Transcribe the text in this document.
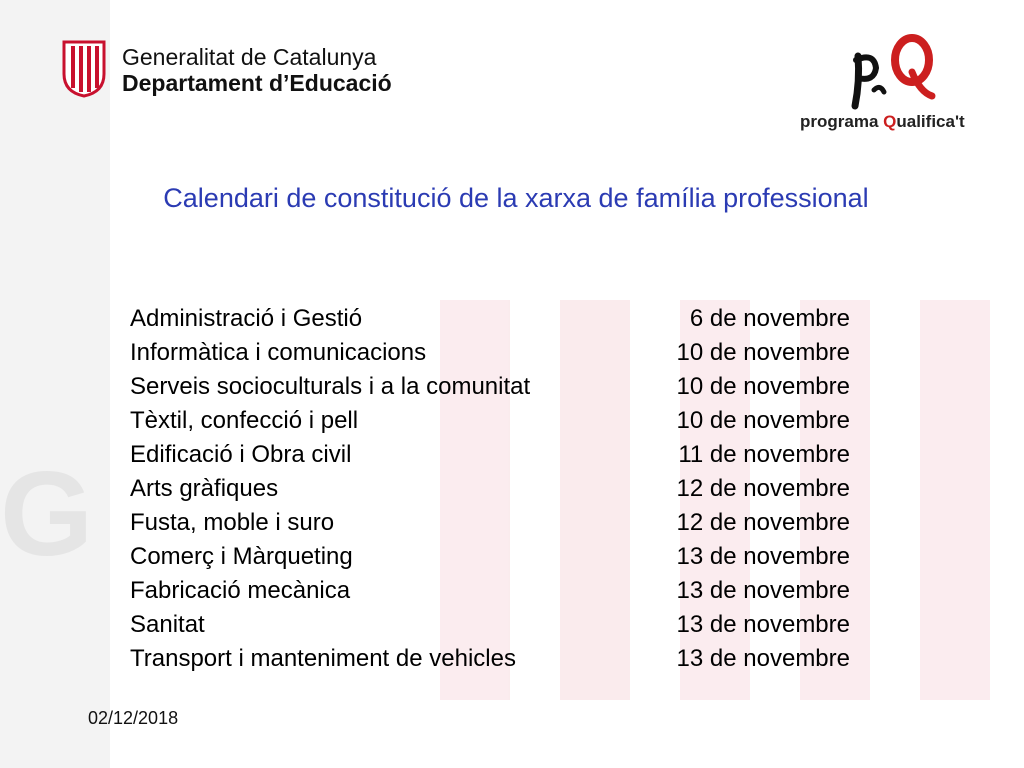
G
Generalitat de Catalunya
Departament d’Educació
programa Qualifica't
Calendari de constitució de la xarxa de família professional
Administració i Gestió	6 de novembre
Informàtica i comunicacions	10 de novembre
Serveis socioculturals i a la comunitat	10 de novembre
Tèxtil, confecció i pell	10 de novembre
Edificació i Obra civil	11 de novembre
Arts gràfiques	12 de novembre
Fusta, moble i suro	12 de novembre
Comerç i Màrqueting	13 de novembre
Fabricació mecànica	13 de novembre
Sanitat	13 de novembre
Transport i manteniment de vehicles	13 de novembre
02/12/2018
